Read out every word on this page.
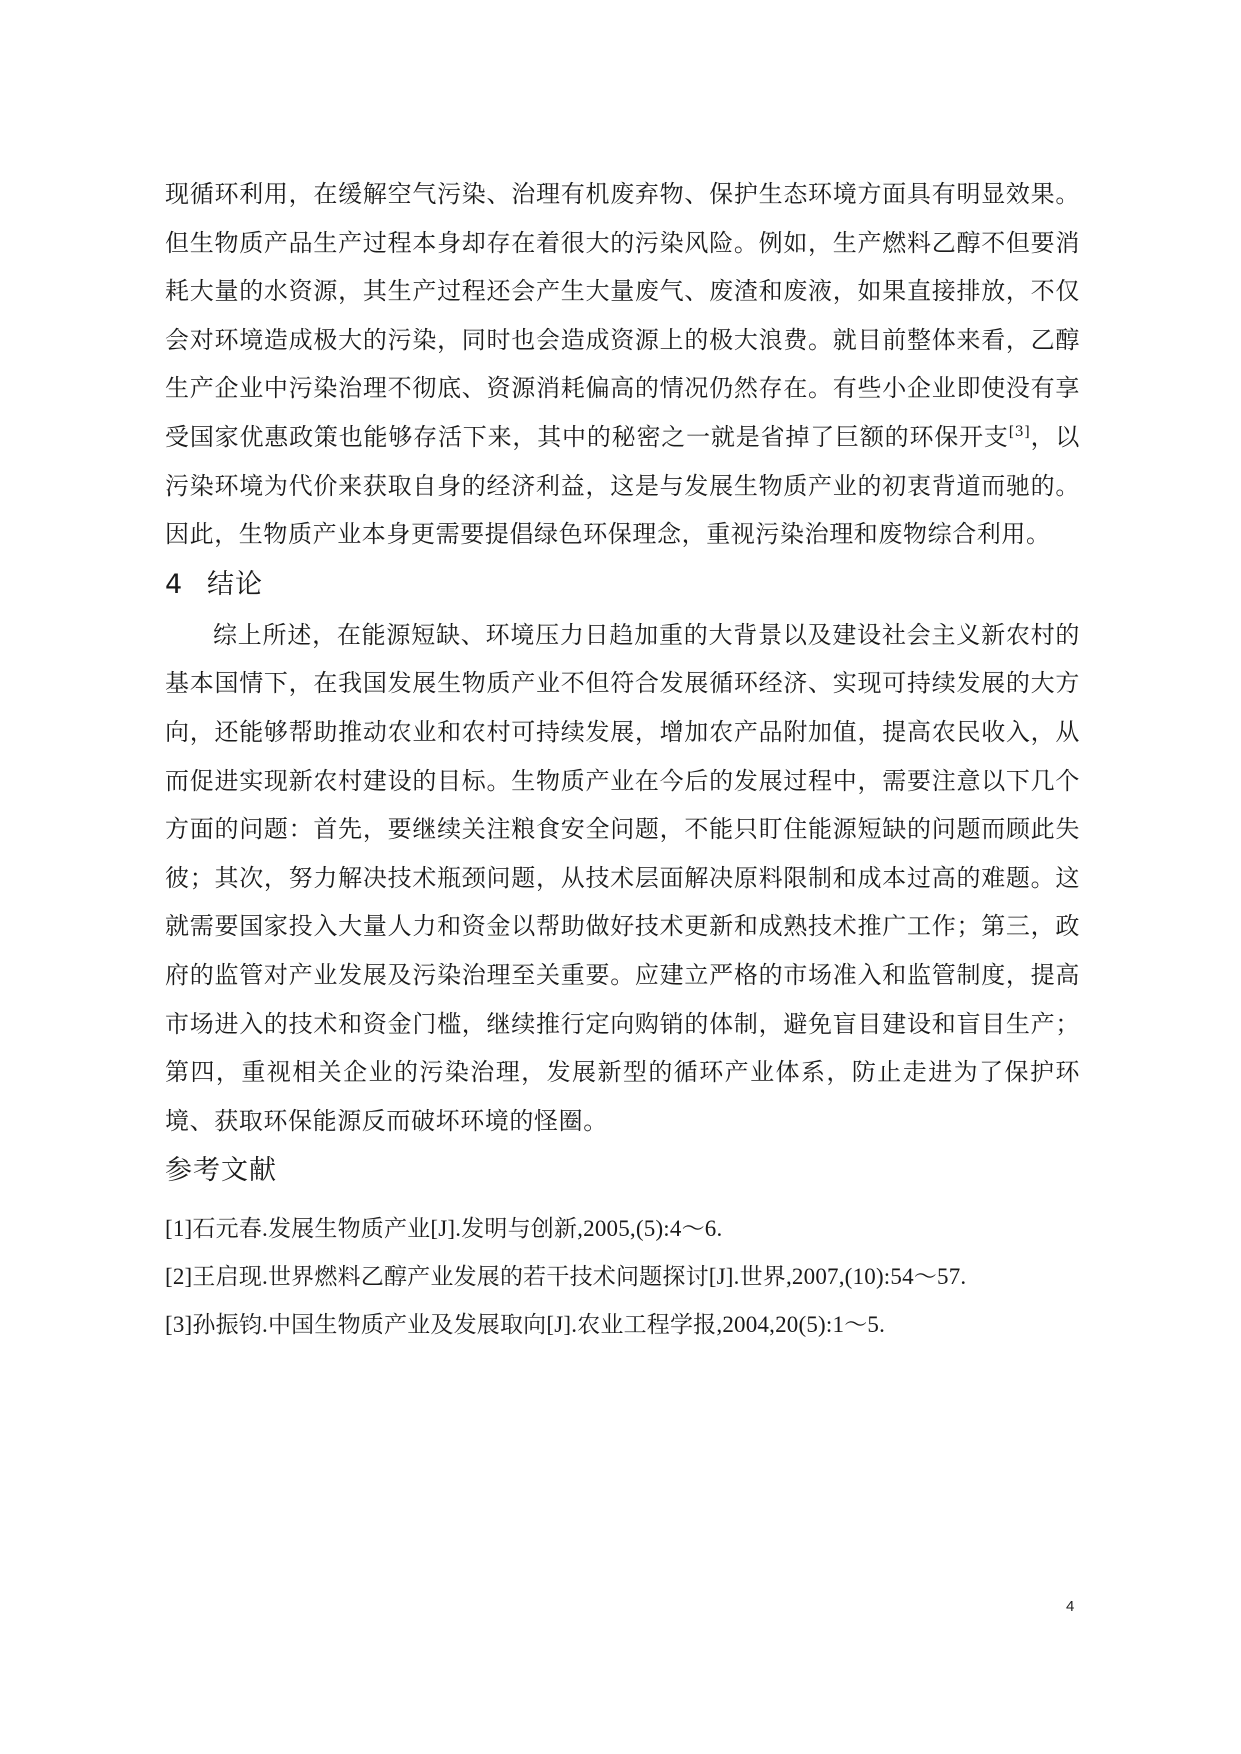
现循环利用，在缓解空气污染、治理有机废弃物、保护生态环境方面具有明显效果。但生物质产品生产过程本身却存在着很大的污染风险。例如，生产燃料乙醇不但要消耗大量的水资源，其生产过程还会产生大量废气、废渣和废液，如果直接排放，不仅会对环境造成极大的污染，同时也会造成资源上的极大浪费。就目前整体来看，乙醇生产企业中污染治理不彻底、资源消耗偏高的情况仍然存在。有些小企业即使没有享受国家优惠政策也能够存活下来，其中的秘密之一就是省掉了巨额的环保开支[3]，以污染环境为代价来获取自身的经济利益，这是与发展生物质产业的初衷背道而驰的。因此，生物质产业本身更需要提倡绿色环保理念，重视污染治理和废物综合利用。

4 结论

综上所述，在能源短缺、环境压力日趋加重的大背景以及建设社会主义新农村的基本国情下，在我国发展生物质产业不但符合发展循环经济、实现可持续发展的大方向，还能够帮助推动农业和农村可持续发展，增加农产品附加值，提高农民收入，从而促进实现新农村建设的目标。生物质产业在今后的发展过程中，需要注意以下几个方面的问题：首先，要继续关注粮食安全问题，不能只盯住能源短缺的问题而顾此失彼；其次，努力解决技术瓶颈问题，从技术层面解决原料限制和成本过高的难题。这就需要国家投入大量人力和资金以帮助做好技术更新和成熟技术推广工作；第三，政府的监管对产业发展及污染治理至关重要。应建立严格的市场准入和监管制度，提高市场进入的技术和资金门槛，继续推行定向购销的体制，避免盲目建设和盲目生产；第四，重视相关企业的污染治理，发展新型的循环产业体系，防止走进为了保护环境、获取环保能源反而破坏环境的怪圈。

参考文献

[1]石元春.发展生物质产业[J].发明与创新,2005,(5):4～6.

[2]王启现.世界燃料乙醇产业发展的若干技术问题探讨[J].世界,2007,(10):54～57.

[3]孙振钧.中国生物质产业及发展取向[J].农业工程学报,2004,20(5):1～5.

4
